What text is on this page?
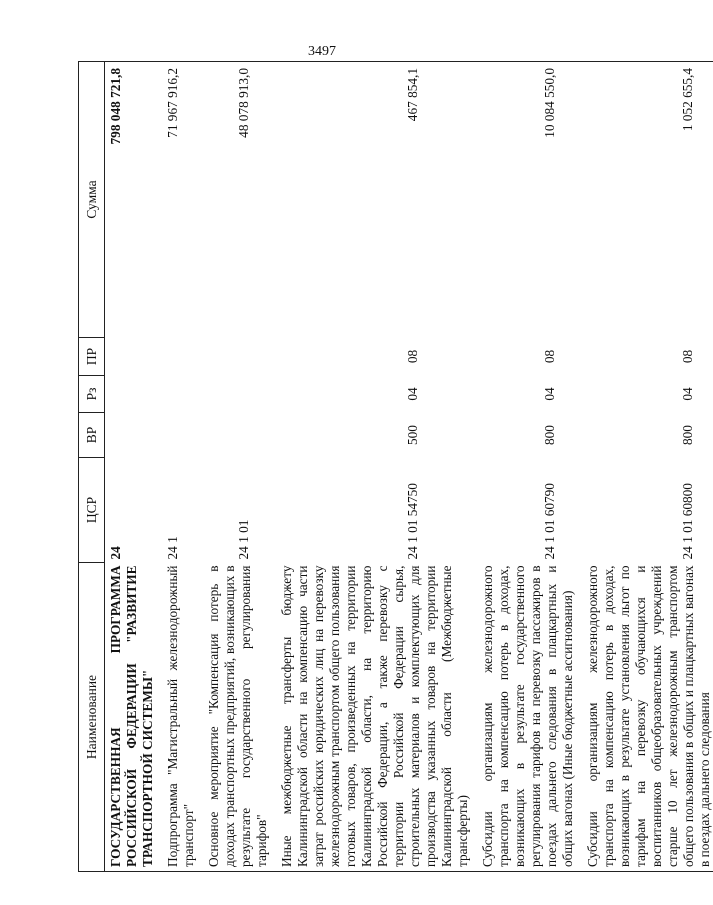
3497
Наименование	ЦСР	ВР	Рз	ПР	Сумма
ГОСУДАРСТВЕННАЯ ПРОГРАММА РОССИЙСКОЙ ФЕДЕРАЦИИ "РАЗВИТИЕ ТРАНСПОРТНОЙ СИСТЕМЫ"	24				798 048 721,8
Подпрограмма "Магистральный железнодорожный транспорт"	24 1				71 967 916,2
Основное мероприятие "Компенсация потерь в доходах транспортных предприятий, возникающих в результате государственного регулирования тарифов"	24 1 01				48 078 913,0
Иные межбюджетные трансферты бюджету Калининградской области на компенсацию части затрат российских юридических лиц на перевозку железнодорожным транспортом общего пользования готовых товаров, произведенных на территории Калининградской области, на территорию Российской Федерации, а также перевозку с территории Российской Федерации сырья, строительных материалов и комплектующих для производства указанных товаров на территории Калининградской области (Межбюджетные трансферты)	24 1 01 54750	500	04	08	467 854,1
Субсидии организациям железнодорожного транспорта на компенсацию потерь в доходах, возникающих в результате государственного регулирования тарифов на перевозку пассажиров в поездах дальнего следования в плацкартных и общих вагонах (Иные бюджетные ассигнования)	24 1 01 60790	800	04	08	10 084 550,0
Субсидии организациям железнодорожного транспорта на компенсацию потерь в доходах, возникающих в результате установления льгот по тарифам на перевозку обучающихся и воспитанников общеобразовательных учреждений старше 10 лет железнодорожным транспортом общего пользования в общих и плацкартных вагонах в поездах дальнего следования	24 1 01 60800	800	04	08	1 052 655,4
